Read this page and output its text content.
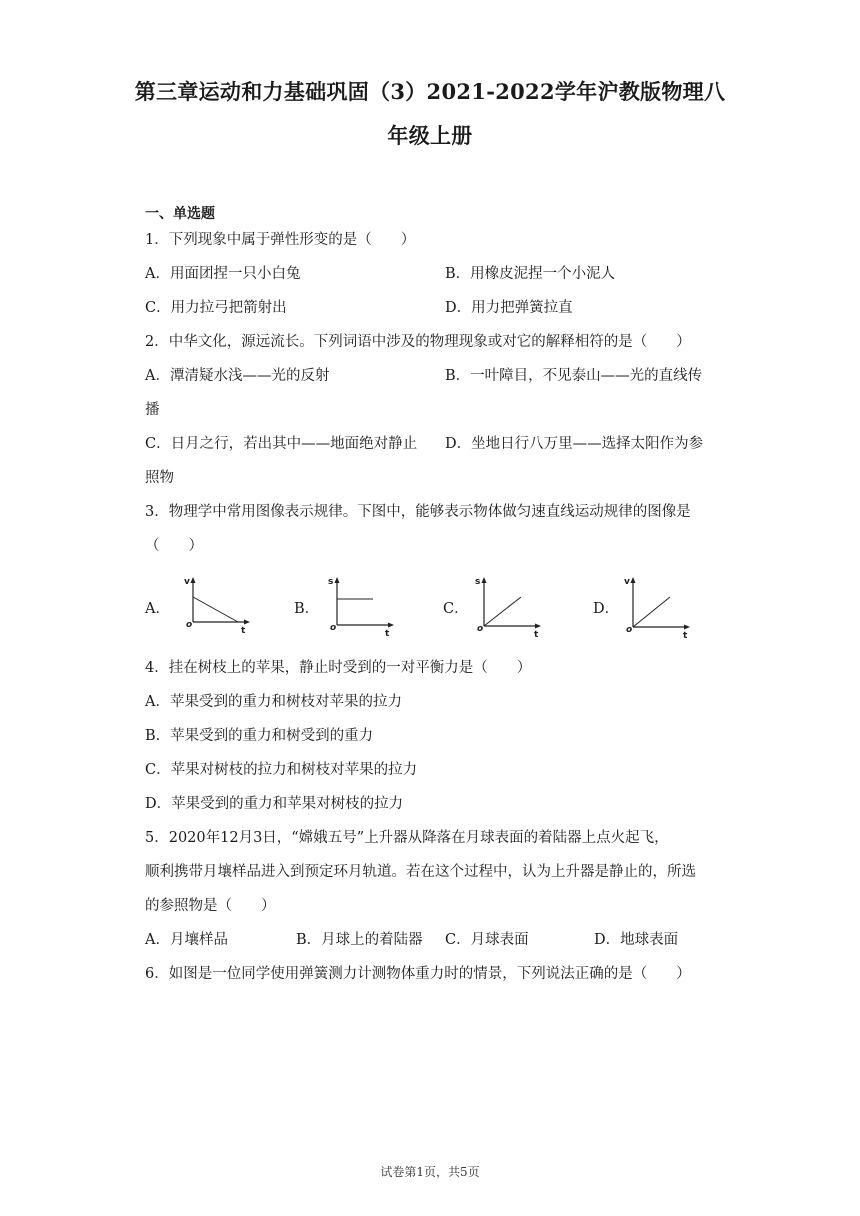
第三章运动和力基础巩固（3）2021-2022学年沪教版物理八
年级上册
一、单选题
1．下列现象中属于弹性形变的是（　　）
A．用面团捏一只小白兔	B．用橡皮泥捏一个小泥人
C．用力拉弓把箭射出	D．用力把弹簧拉直
2．中华文化，源远流长。下列词语中涉及的物理现象或对它的解释相符的是（　　）
A．潭清疑水浅——光的反射	B．一叶障目，不见泰山——光的直线传
播
C．日月之行，若出其中——地面绝对静止 D．坐地日行八万里——选择太阳作为参
照物
3．物理学中常用图像表示规律。下图中，能够表示物体做匀速直线运动规律的图像是
（　　）
A．	B．	C．	D．
v
t
o
s
t
o
s
t
o
v
t
o
4．挂在树枝上的苹果，静止时受到的一对平衡力是（　　）
A．苹果受到的重力和树枝对苹果的拉力
B．苹果受到的重力和树受到的重力
C．苹果对树枝的拉力和树枝对苹果的拉力
D．苹果受到的重力和苹果对树枝的拉力
5．2020年12月3日，“嫦娥五号”上升器从降落在月球表面的着陆器上点火起飞，
顺利携带月壤样品进入到预定环月轨道。若在这个过程中，认为上升器是静止的，所选
的参照物是（　　）
A．月壤样品	B．月球上的着陆器 C．月球表面	D．地球表面
6．如图是一位同学使用弹簧测力计测物体重力时的情景，下列说法正确的是（　　）
试卷第1页，共5页
